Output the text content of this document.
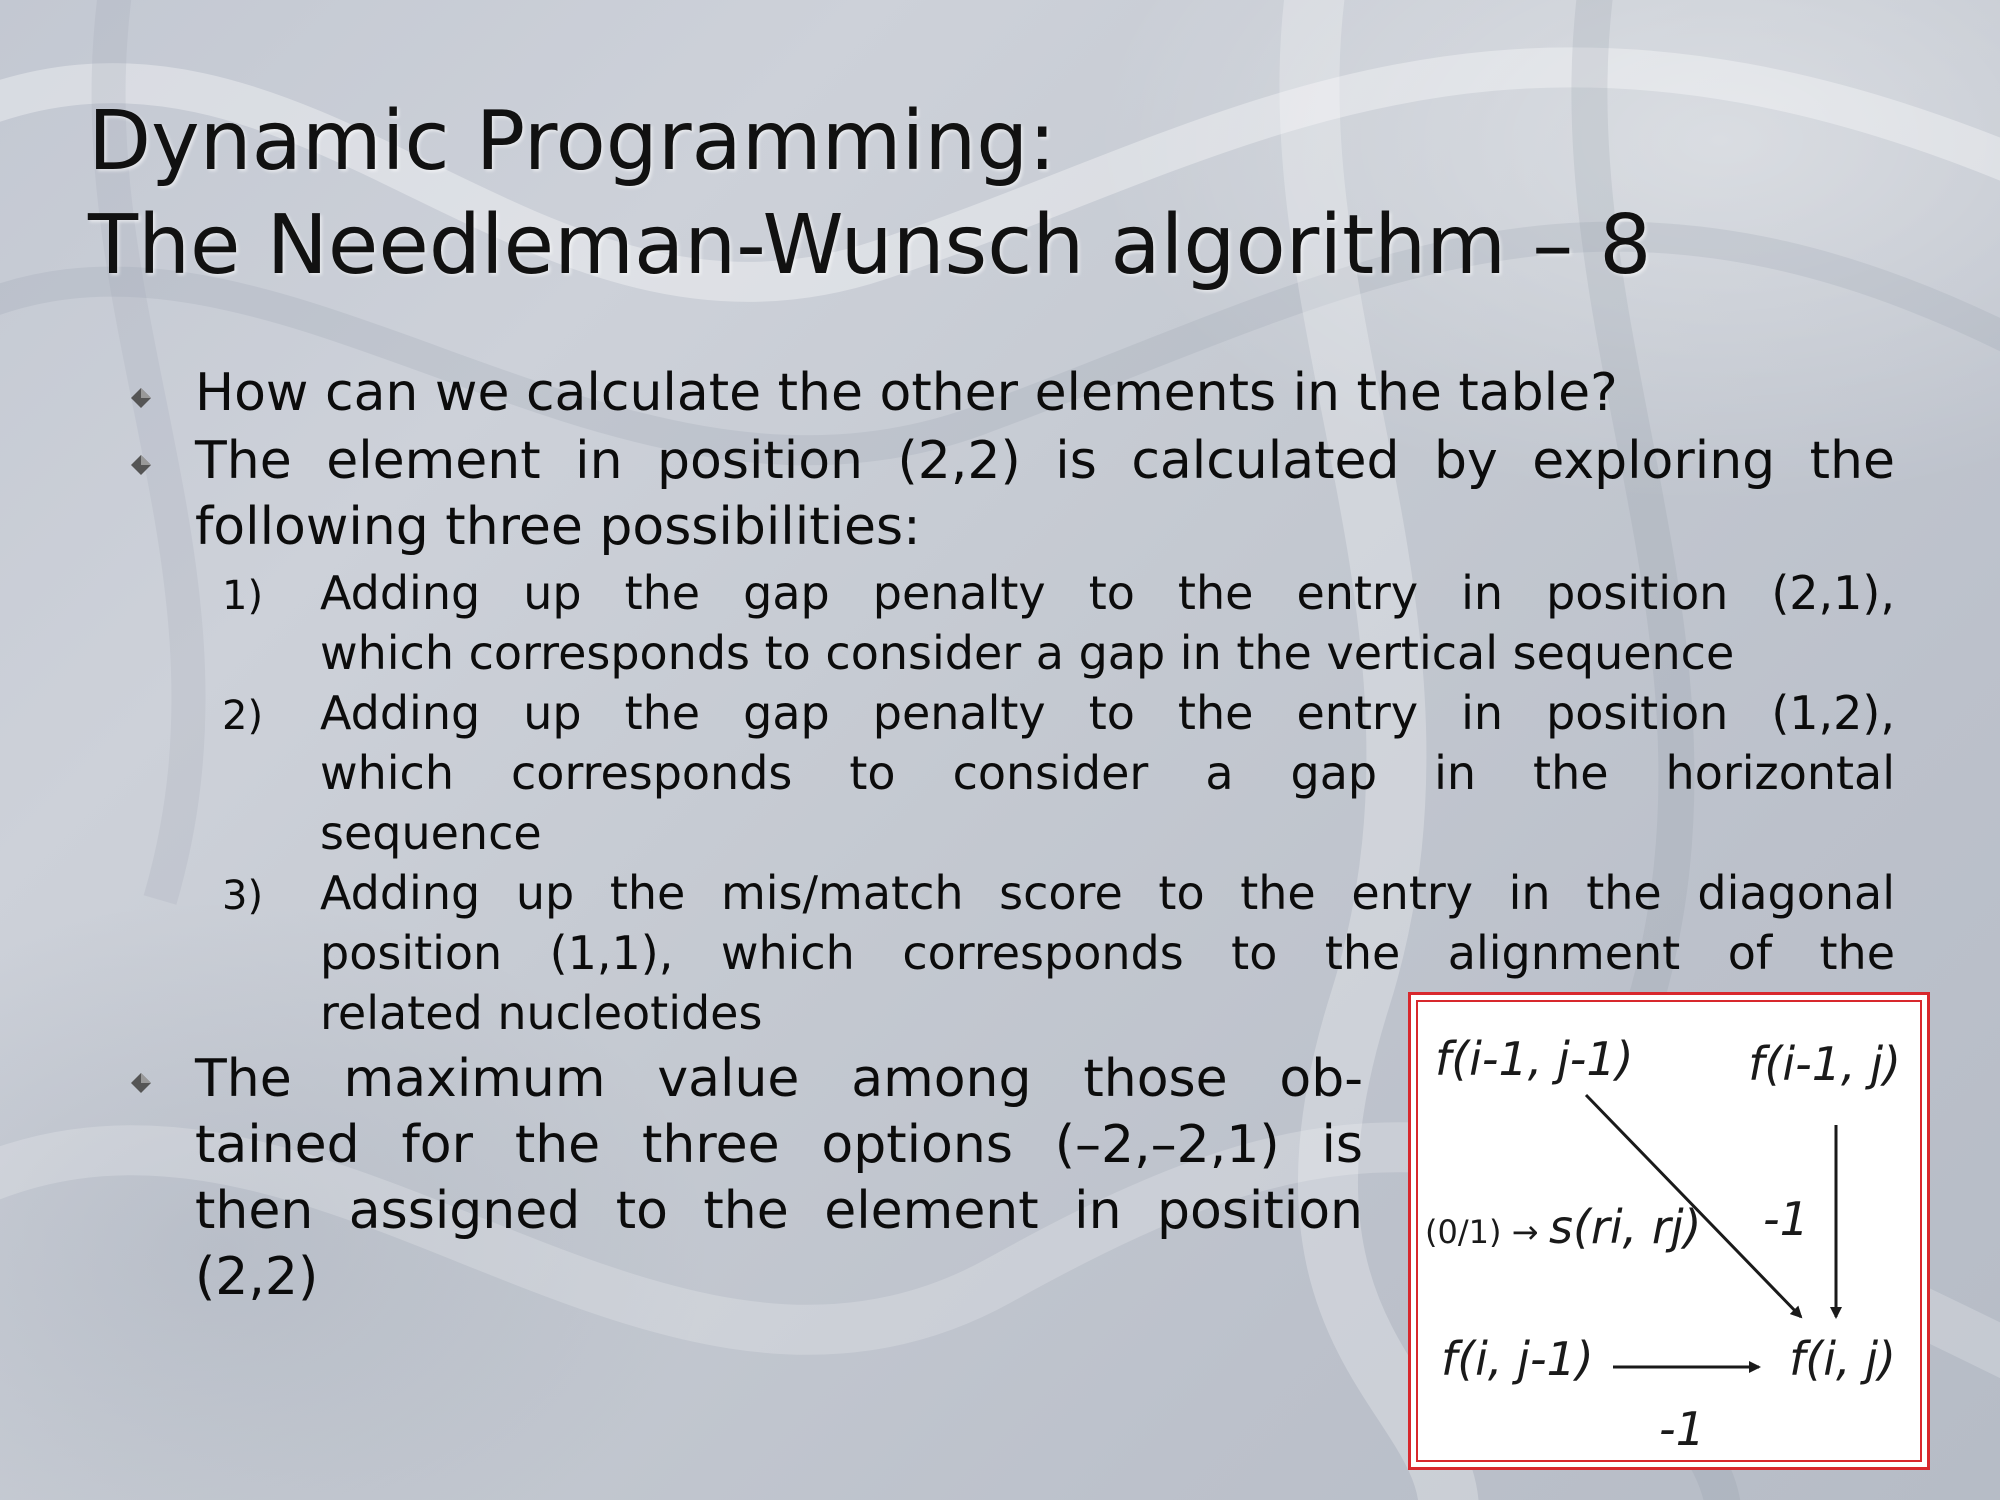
Dynamic Programming:
The Needleman-Wunsch algorithm – 8
How can we calculate the other elements in the table?
The element in position (2,2) is calculated by exploring the
following three possibilities:
1) Adding up the gap penalty to the entry in position (2,1),
which corresponds to consider a gap in the vertical sequence
2) Adding up the gap penalty to the entry in position (1,2),
which corresponds to consider a gap in the horizontal
sequence
3) Adding up the mis/match score to the entry in the diagonal
position (1,1), which corresponds to the alignment of the
related nucleotides
The maximum value among those ob-
tained for the three options (–2,–2,1) is
then assigned to the element in position
(2,2)
f(i-1, j-1) f(i-1, j)
f(i, j-1)	f(i, j)
(0/1) → s(ri, rj) -1
-1
